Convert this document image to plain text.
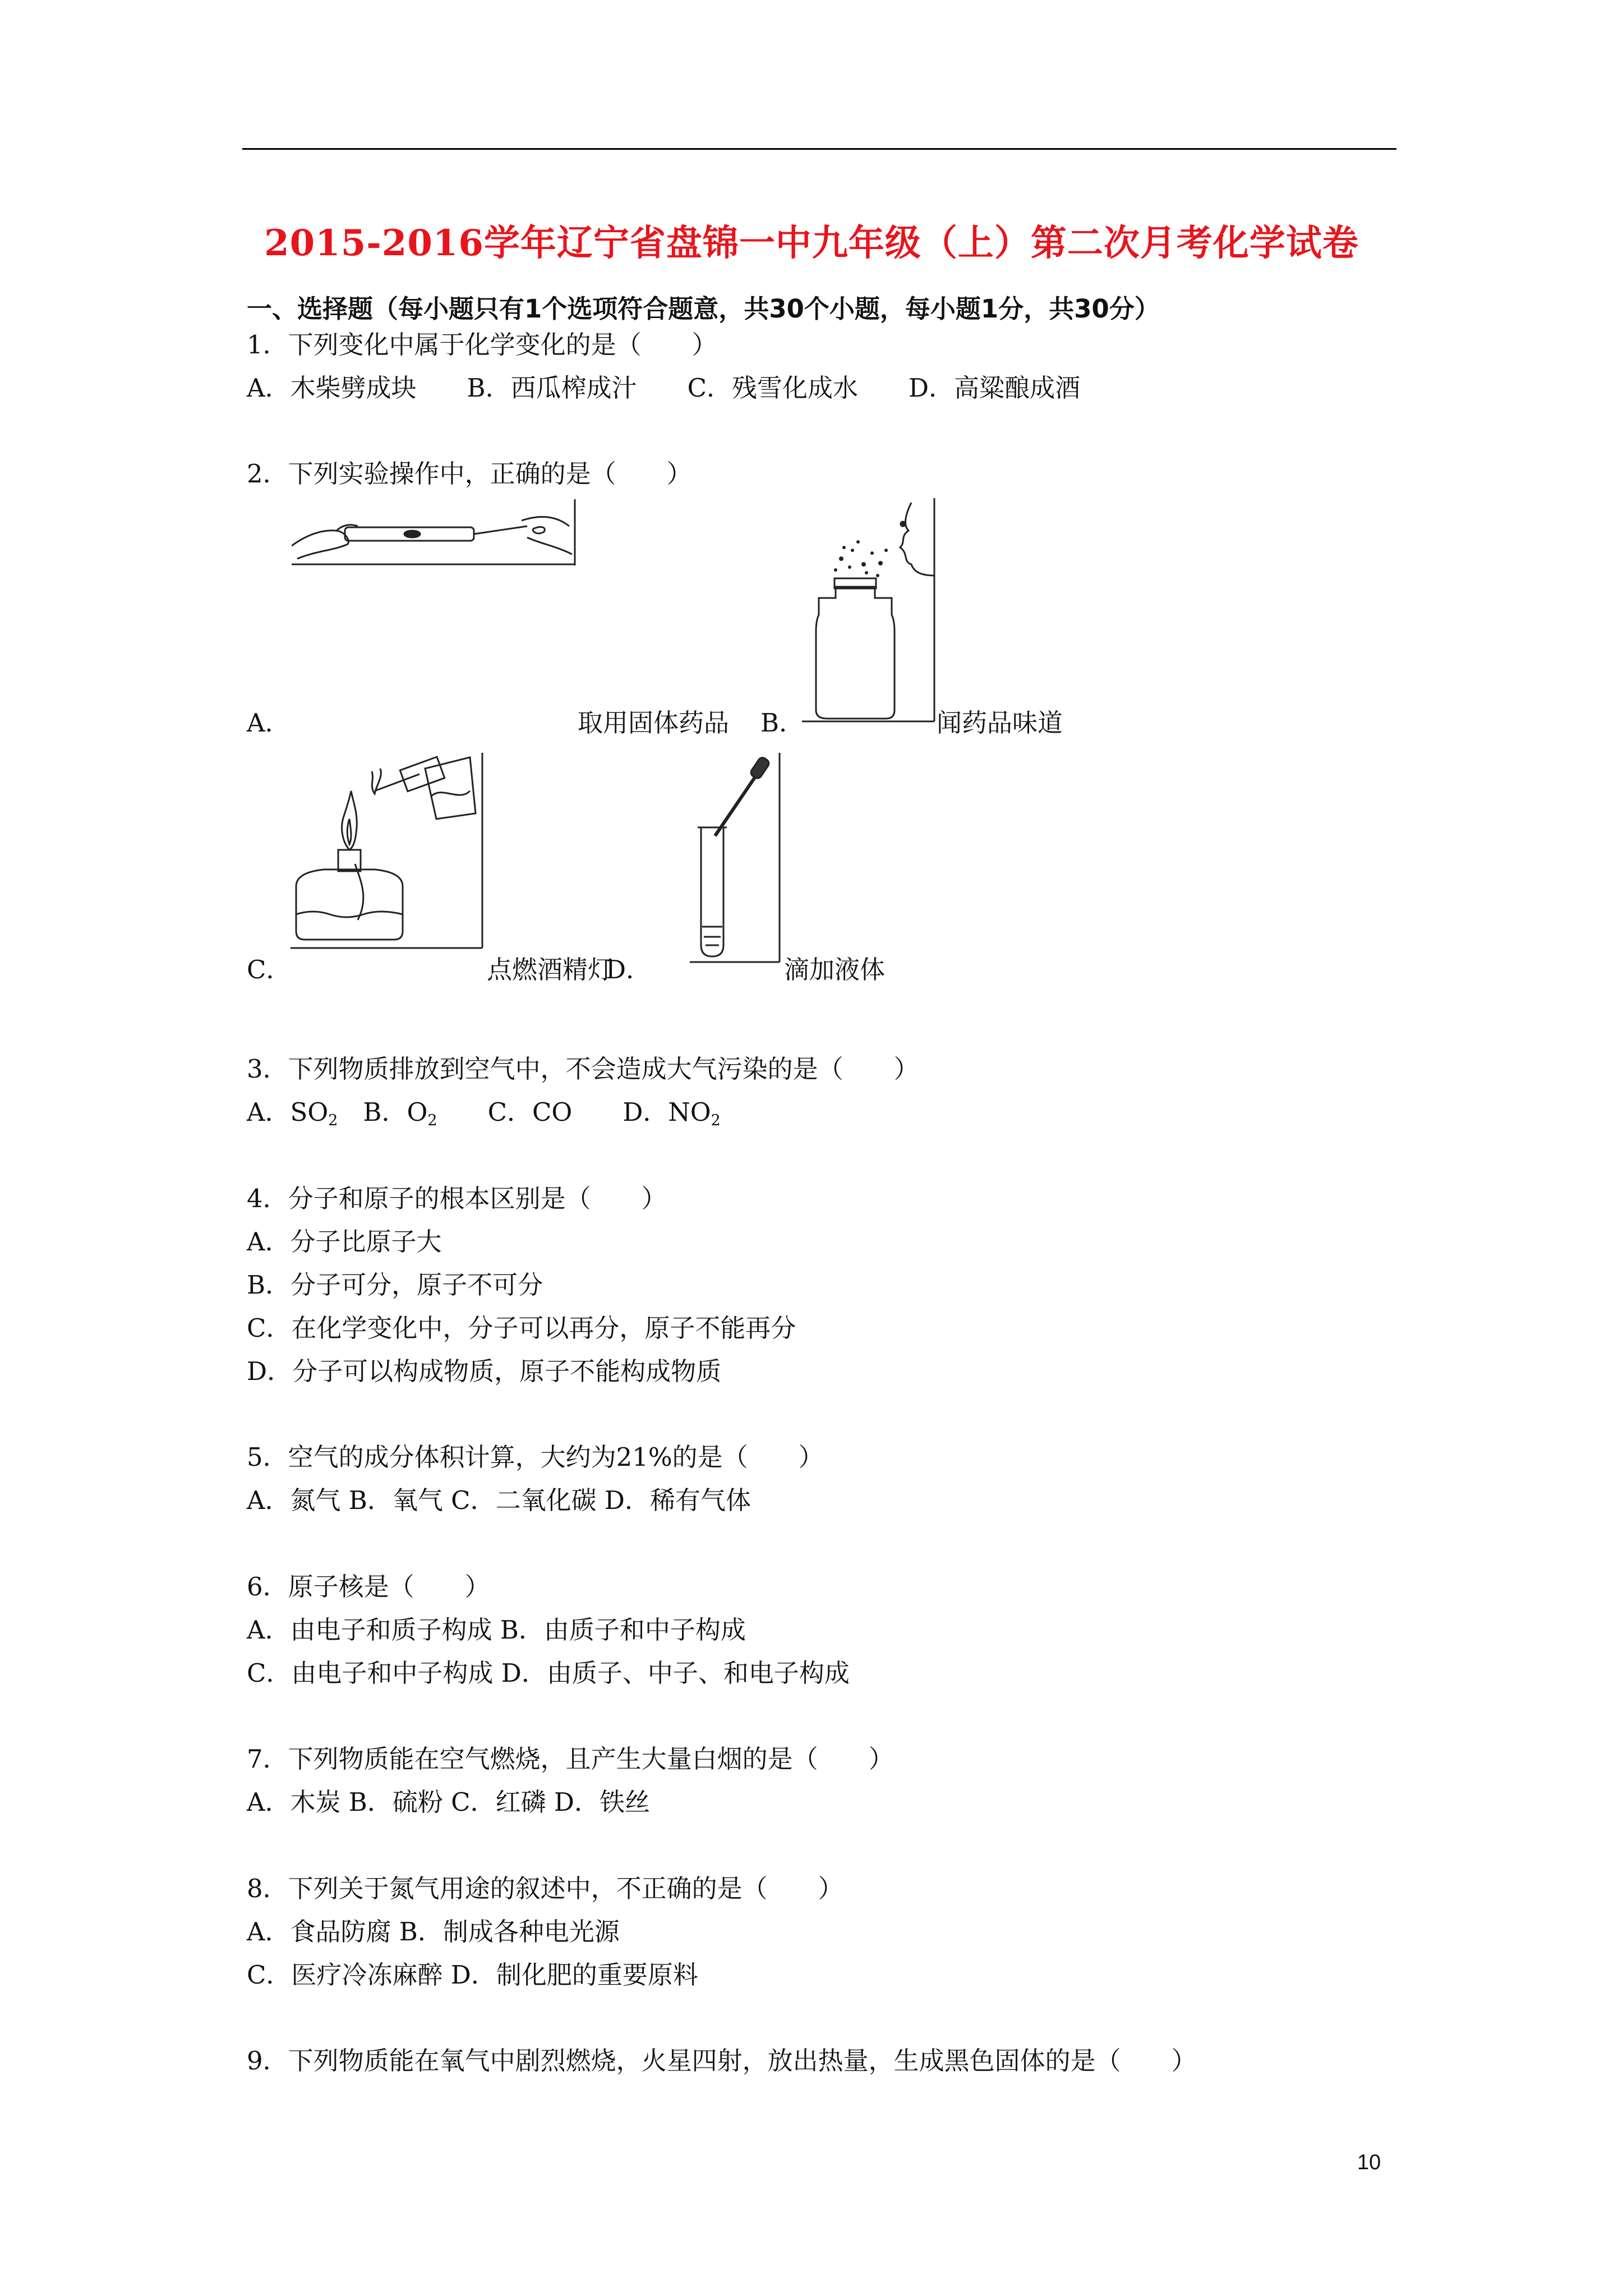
2015-2016学年辽宁省盘锦一中九年级（上）第二次月考化学试卷
一、选择题（每小题只有1个选项符合题意，共30个小题，每小题1分，共30分）
1．下列变化中属于化学变化的是（　　）
A．木柴劈成块　　B．西瓜榨成汁　　C．残雪化成水　　D．高粱酿成酒
2．下列实验操作中，正确的是（　　）
A．	取用固体药品 B．	闻药品味道
C．	点燃酒精灯
D．	滴加液体
3．下列物质排放到空气中，不会造成大气污染的是（　　）
A．$SO_2$　B．$O_2$　　C．CO　　D．$NO_2$
4．分子和原子的根本区别是（　　）
A．分子比原子大
B．分子可分，原子不可分
C．在化学变化中，分子可以再分，原子不能再分
D．分子可以构成物质，原子不能构成物质
5．空气的成分体积计算，大约为21%的是（　　）
A．氮气 B．氧气 C．二氧化碳 D．稀有气体
6．原子核是（　　）
A．由电子和质子构成 B．由质子和中子构成
C．由电子和中子构成 D．由质子、中子、和电子构成
7．下列物质能在空气燃烧，且产生大量白烟的是（　　）
A．木炭 B．硫粉 C．红磷 D．铁丝
8．下列关于氮气用途的叙述中，不正确的是（　　）
A．食品防腐 B．制成各种电光源
C．医疗冷冻麻醉 D．制化肥的重要原料
9．下列物质能在氧气中剧烈燃烧，火星四射，放出热量，生成黑色固体的是（　　）
10
